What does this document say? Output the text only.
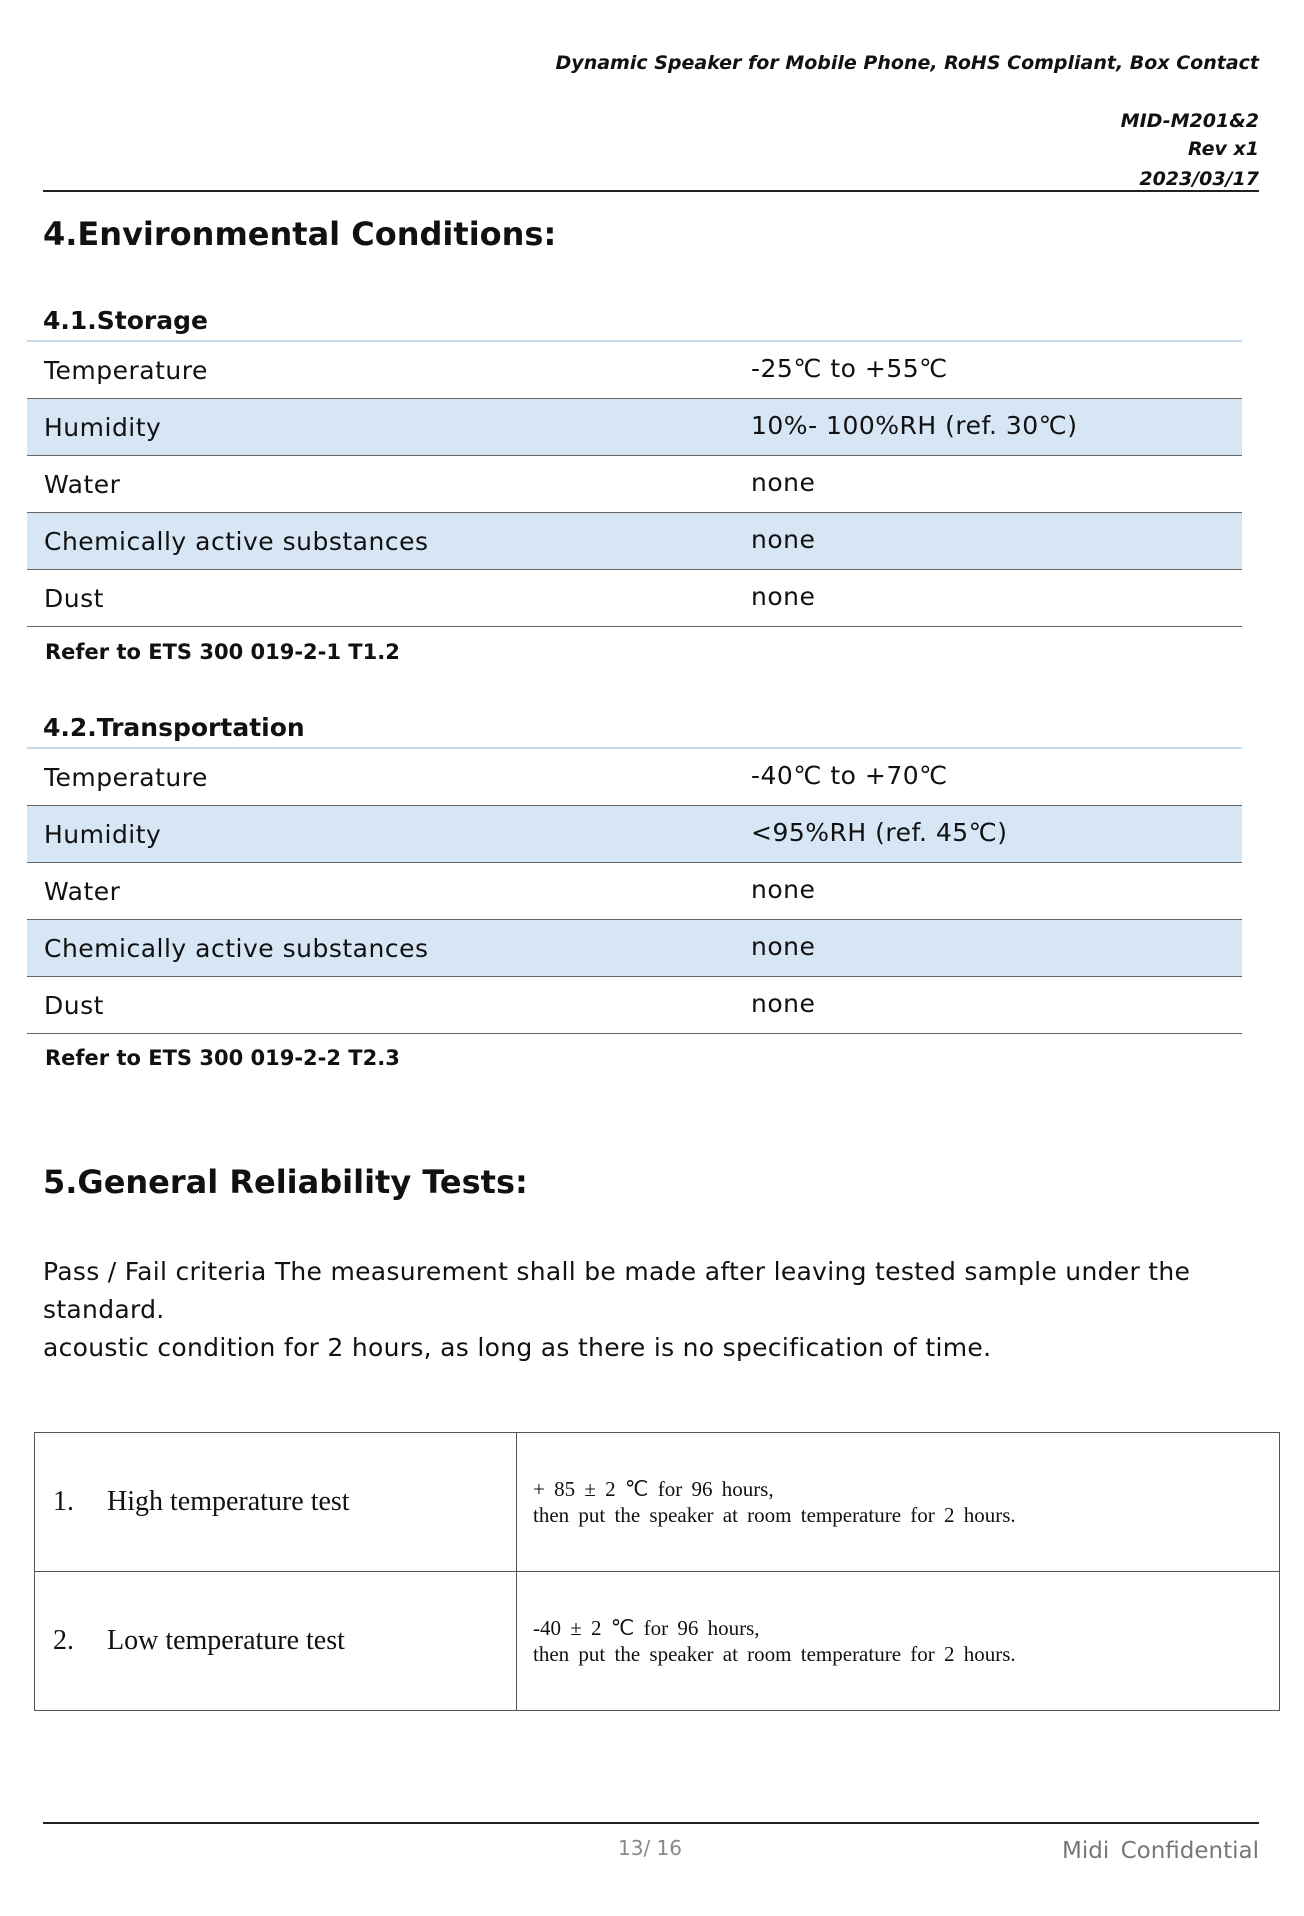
Dynamic Speaker for Mobile Phone, RoHS Compliant, Box Contact
MID-M201&2
Rev x1
2023/03/17
4.Environmental Conditions:
4.1.Storage
Temperature	-25℃ to +55℃
Humidity	10%- 100%RH (ref. 30℃)
Water	none
Chemically active substances	none
Dust	none
Refer to ETS 300 019-2-1 T1.2
4.2.Transportation
Temperature	-40℃ to +70℃
Humidity	<95%RH (ref. 45℃)
Water	none
Chemically active substances	none
Dust	none
Refer to ETS 300 019-2-2 T2.3
5.General Reliability Tests:
Pass / Fail criteria The measurement shall be made after leaving tested sample under the standard.
acoustic condition for 2 hours, as long as there is no specification of time.
1. High temperature test	+ 85 ± 2 ℃ for 96 hours,
then put the speaker at room temperature for 2 hours.

2. Low temperature test	-40 ± 2 ℃ for 96 hours,
then put the speaker at room temperature for 2 hours.
13/ 16	Midi Confidential
